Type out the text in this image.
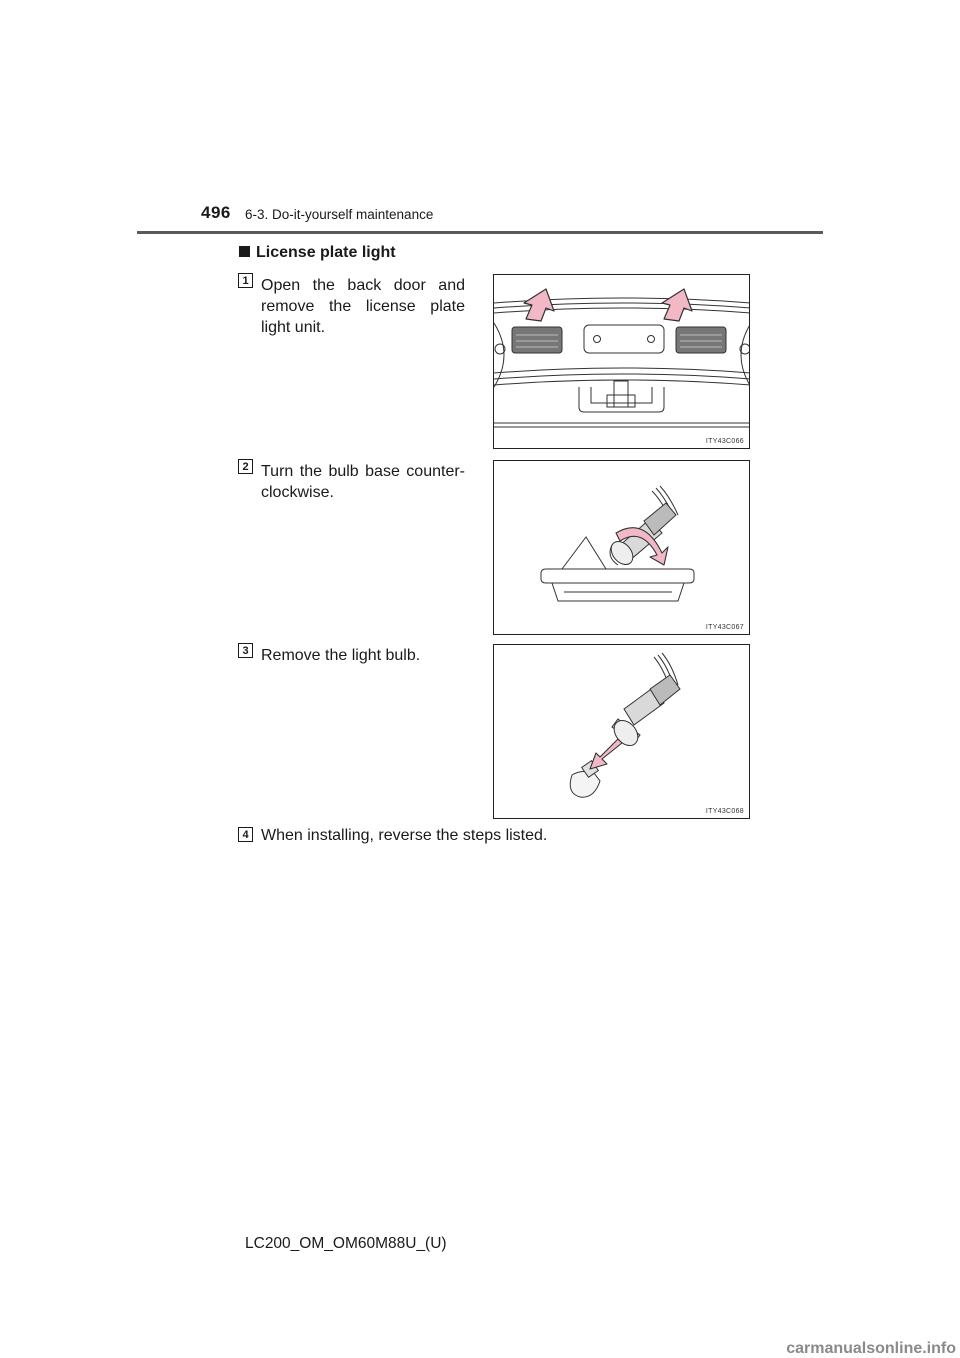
496 6-3. Do-it-yourself maintenance
License plate light
1 Open the back door and remove the license plate light unit.
ITY43C066
2 Turn the bulb base counter-clockwise.
ITY43C067
3 Remove the light bulb.
ITY43C068
4 When installing, reverse the steps listed.
LC200_OM_OM60M88U_(U)
carmanualsonline.info
